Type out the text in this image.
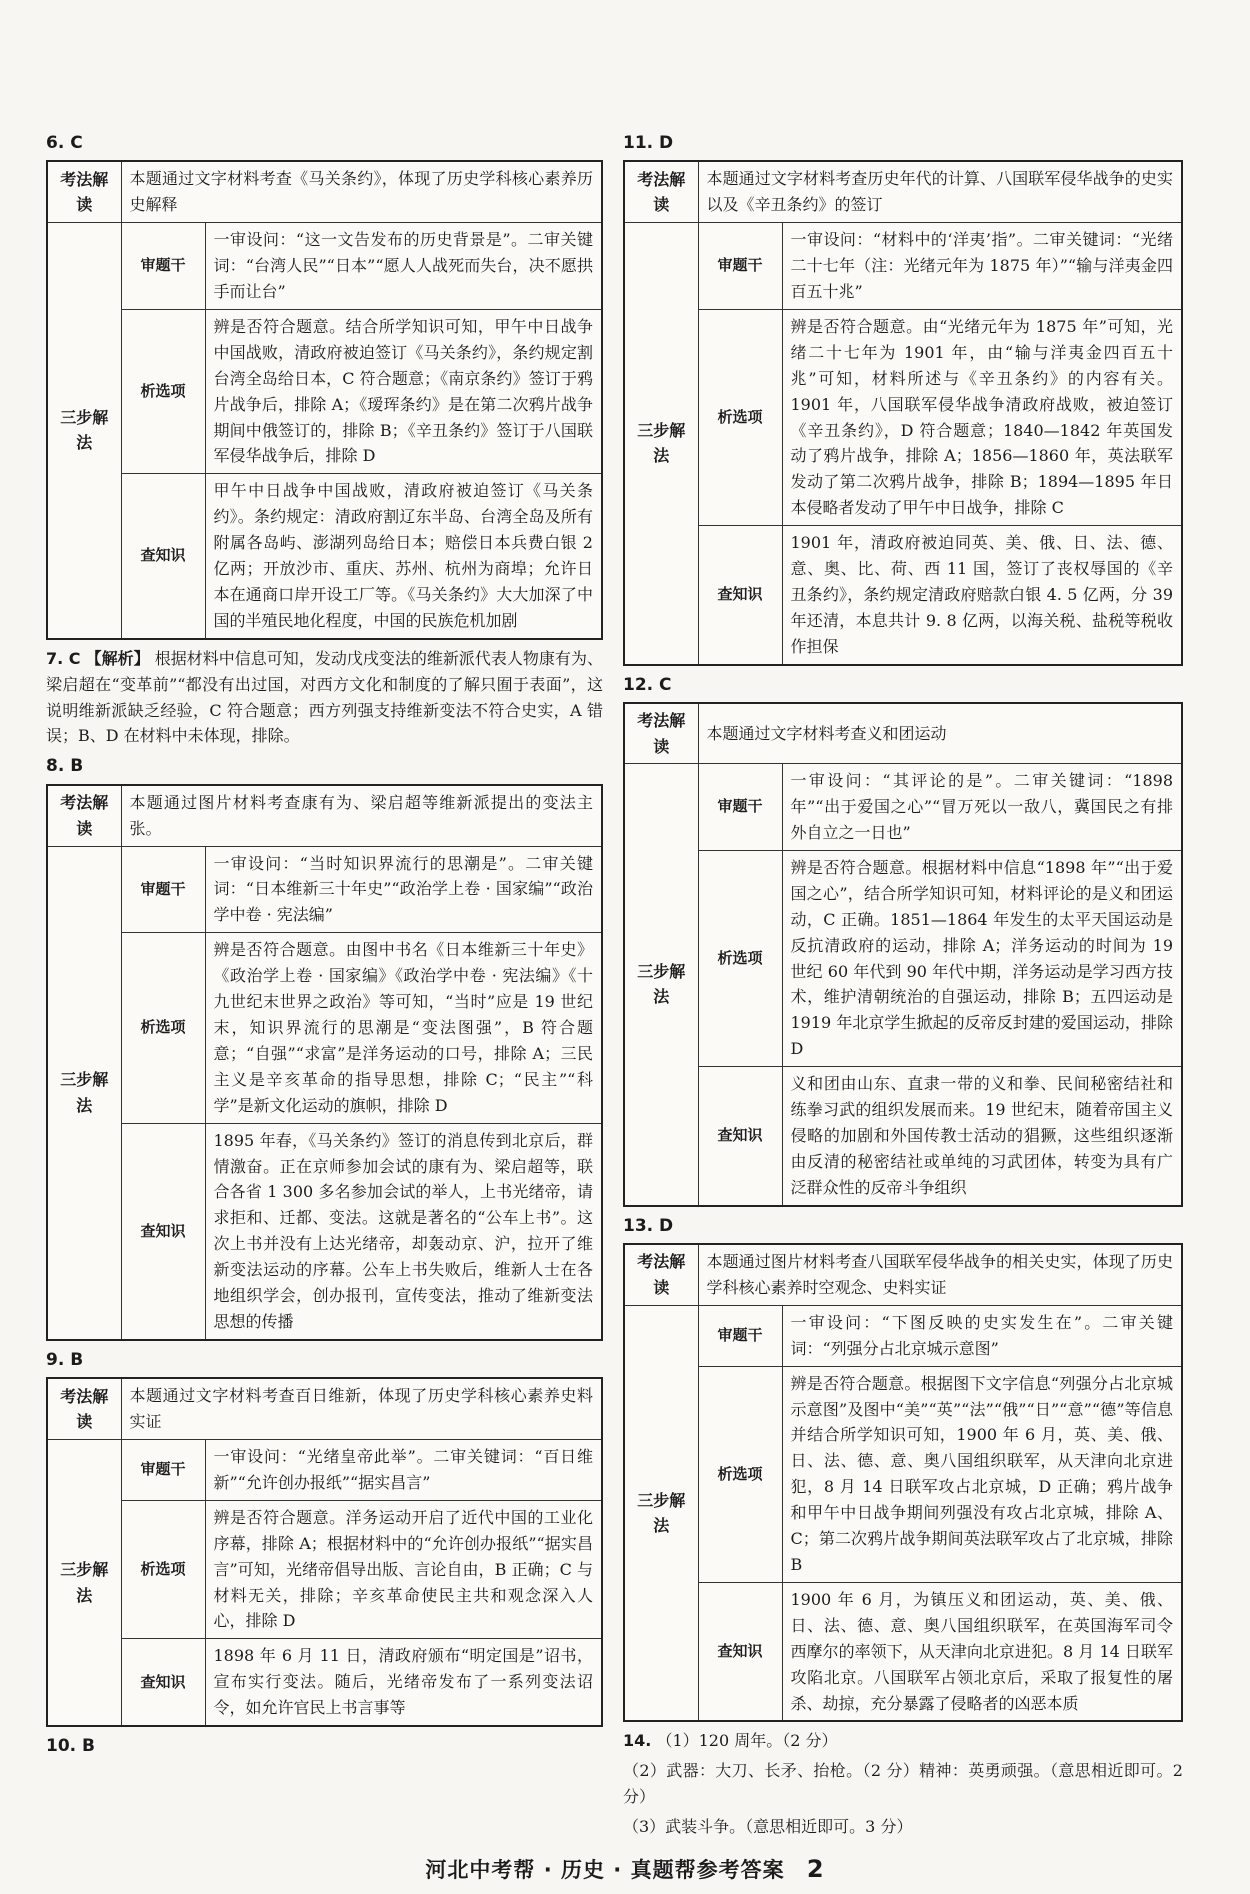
6. C
考法解读	本题通过文字材料考查《马关条约》，体现了历史学科核心素养历史解释	
三步解法	审题干	一审设问：“这一文告发布的历史背景是”。二审关键词：“台湾人民”“日本”“愿人人战死而失台，决不愿拱手而让台”
	析选项	辨是否符合题意。结合所学知识可知，甲午中日战争中国战败，清政府被迫签订《马关条约》，条约规定割台湾全岛给日本，C 符合题意；《南京条约》签订于鸦片战争后，排除 A；《瑷珲条约》是在第二次鸦片战争期间中俄签订的，排除 B；《辛丑条约》签订于八国联军侵华战争后，排除 D
	查知识	甲午中日战争中国战败，清政府被迫签订《马关条约》。条约规定：清政府割辽东半岛、台湾全岛及所有附属各岛屿、澎湖列岛给日本；赔偿日本兵费白银 2 亿两；开放沙市、重庆、苏州、杭州为商埠；允许日本在通商口岸开设工厂等。《马关条约》大大加深了中国的半殖民地化程度，中国的民族危机加剧
7. C 【解析】 根据材料中信息可知，发动戊戌变法的维新派代表人物康有为、梁启超在“变革前”“都没有出过国，对西方文化和制度的了解只囿于表面”，这说明维新派缺乏经验，C 符合题意；西方列强支持维新变法不符合史实，A 错误；B、D 在材料中未体现，排除。
8. B
考法解读	本题通过图片材料考查康有为、梁启超等维新派提出的变法主张。	
三步解法	审题干	一审设问：“当时知识界流行的思潮是”。二审关键词：“日本维新三十年史”“政治学上卷 · 国家编”“政治学中卷 · 宪法编”
	析选项	辨是否符合题意。由图中书名《日本维新三十年史》《政治学上卷 · 国家编》《政治学中卷 · 宪法编》《十九世纪末世界之政治》等可知，“当时”应是 19 世纪末，知识界流行的思潮是“变法图强”，B 符合题意；“自强”“求富”是洋务运动的口号，排除 A；三民主义是辛亥革命的指导思想，排除 C；“民主”“科学”是新文化运动的旗帜，排除 D
	查知识	1895 年春，《马关条约》签订的消息传到北京后，群情激奋。正在京师参加会试的康有为、梁启超等，联合各省 1 300 多名参加会试的举人，上书光绪帝，请求拒和、迁都、变法。这就是著名的“公车上书”。这次上书并没有上达光绪帝，却轰动京、沪，拉开了维新变法运动的序幕。公车上书失败后，维新人士在各地组织学会，创办报刊，宣传变法，推动了维新变法思想的传播
9. B
考法解读	本题通过文字材料考查百日维新，体现了历史学科核心素养史料实证	
三步解法	审题干	一审设问：“光绪皇帝此举”。二审关键词：“百日维新”“允许创办报纸”“据实昌言”
	析选项	辨是否符合题意。洋务运动开启了近代中国的工业化序幕，排除 A；根据材料中的“允许创办报纸”“据实昌言”可知，光绪帝倡导出版、言论自由，B 正确；C 与材料无关，排除；辛亥革命使民主共和观念深入人心，排除 D
	查知识	1898 年 6 月 11 日，清政府颁布“明定国是”诏书，宣布实行变法。随后，光绪帝发布了一系列变法诏令，如允许官民上书言事等
10. B
11. D
考法解读	本题通过文字材料考查历史年代的计算、八国联军侵华战争的史实以及《辛丑条约》的签订	
三步解法	审题干	一审设问：“材料中的‘洋夷’指”。二审关键词：“光绪二十七年（注：光绪元年为 1875 年）”“输与洋夷金四百五十兆”
	析选项	辨是否符合题意。由“光绪元年为 1875 年”可知，光绪二十七年为 1901 年，由“输与洋夷金四百五十兆”可知，材料所述与《辛丑条约》的内容有关。1901 年，八国联军侵华战争清政府战败，被迫签订《辛丑条约》，D 符合题意；1840—1842 年英国发动了鸦片战争，排除 A；1856—1860 年，英法联军发动了第二次鸦片战争，排除 B；1894—1895 年日本侵略者发动了甲午中日战争，排除 C
	查知识	1901 年，清政府被迫同英、美、俄、日、法、德、意、奥、比、荷、西 11 国，签订了丧权辱国的《辛丑条约》，条约规定清政府赔款白银 4. 5 亿两，分 39 年还清，本息共计 9. 8 亿两，以海关税、盐税等税收作担保
12. C
考法解读	本题通过文字材料考查义和团运动	
三步解法	审题干	一审设问：“其评论的是”。二审关键词：“1898 年”“出于爱国之心”“冒万死以一敌八，冀国民之有排外自立之一日也”
	析选项	辨是否符合题意。根据材料中信息“1898 年”“出于爱国之心”，结合所学知识可知，材料评论的是义和团运动，C 正确。1851—1864 年发生的太平天国运动是反抗清政府的运动，排除 A；洋务运动的时间为 19 世纪 60 年代到 90 年代中期，洋务运动是学习西方技术，维护清朝统治的自强运动，排除 B；五四运动是 1919 年北京学生掀起的反帝反封建的爱国运动，排除 D
	查知识	义和团由山东、直隶一带的义和拳、民间秘密结社和练拳习武的组织发展而来。19 世纪末，随着帝国主义侵略的加剧和外国传教士活动的猖獗，这些组织逐渐由反清的秘密结社或单纯的习武团体，转变为具有广泛群众性的反帝斗争组织
13. D
考法解读	本题通过图片材料考查八国联军侵华战争的相关史实，体现了历史学科核心素养时空观念、史料实证	
三步解法	审题干	一审设问：“下图反映的史实发生在”。二审关键词：“列强分占北京城示意图”
	析选项	辨是否符合题意。根据图下文字信息“列强分占北京城示意图”及图中“美”“英”“法”“俄”“日”“意”“德”等信息并结合所学知识可知，1900 年 6 月，英、美、俄、日、法、德、意、奥八国组织联军，从天津向北京进犯，8 月 14 日联军攻占北京城，D 正确；鸦片战争和甲午中日战争期间列强没有攻占北京城，排除 A、C；第二次鸦片战争期间英法联军攻占了北京城，排除 B
	查知识	1900 年 6 月，为镇压义和团运动，英、美、俄、日、法、德、意、奥八国组织联军，在英国海军司令西摩尔的率领下，从天津向北京进犯。8 月 14 日联军攻陷北京。八国联军占领北京后，采取了报复性的屠杀、劫掠，充分暴露了侵略者的凶恶本质
14. （1）120 周年。（2 分）
（2）武器：大刀、长矛、抬枪。（2 分）精神：英勇顽强。（意思相近即可。2 分）
（3）武装斗争。（意思相近即可。3 分）
河北中考帮 · 历史 · 真题帮参考答案 2
